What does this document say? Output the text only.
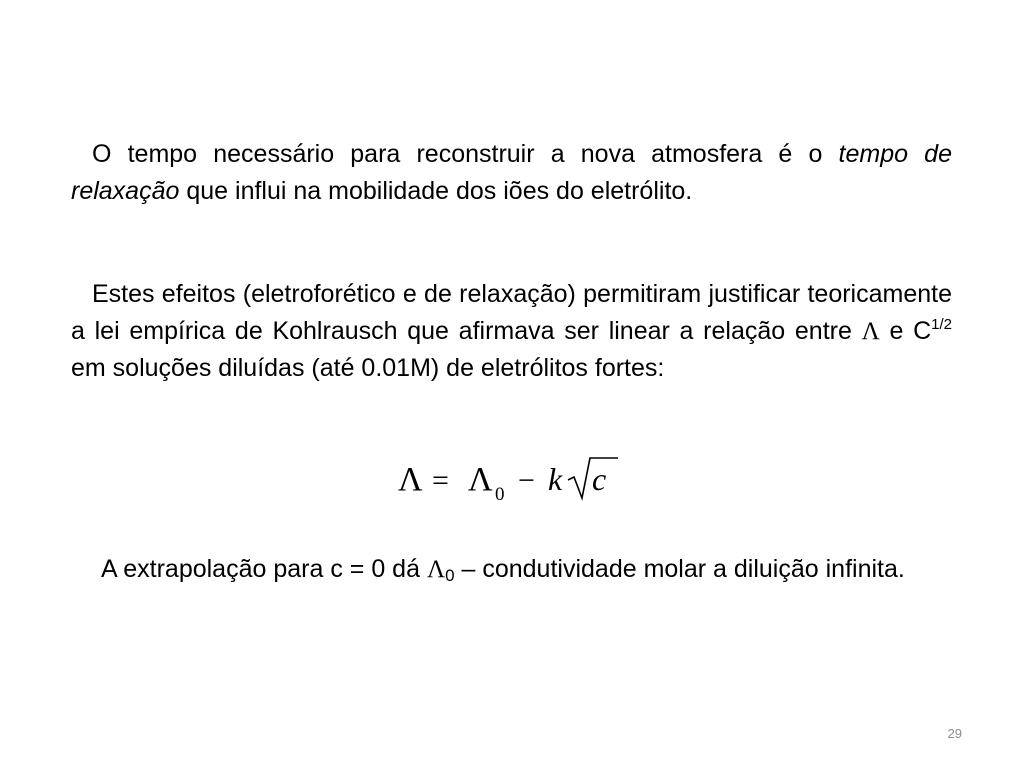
O tempo necessário para reconstruir a nova atmosfera é o tempo de relaxação que influi na mobilidade dos iões do eletrólito.

Estes efeitos (eletroforético e de relaxação) permitiram justificar teoricamente a lei empírica de Kohlrausch que afirmava ser linear a relação entre Λ e $C^{1/2}$ em soluções diluídas (até 0.01M) de eletrólitos fortes:

Λ = Λ 0 − k c

A extrapolação para c = 0 dá $\Lambda_0$ – condutividade molar a diluição infinita.

29
